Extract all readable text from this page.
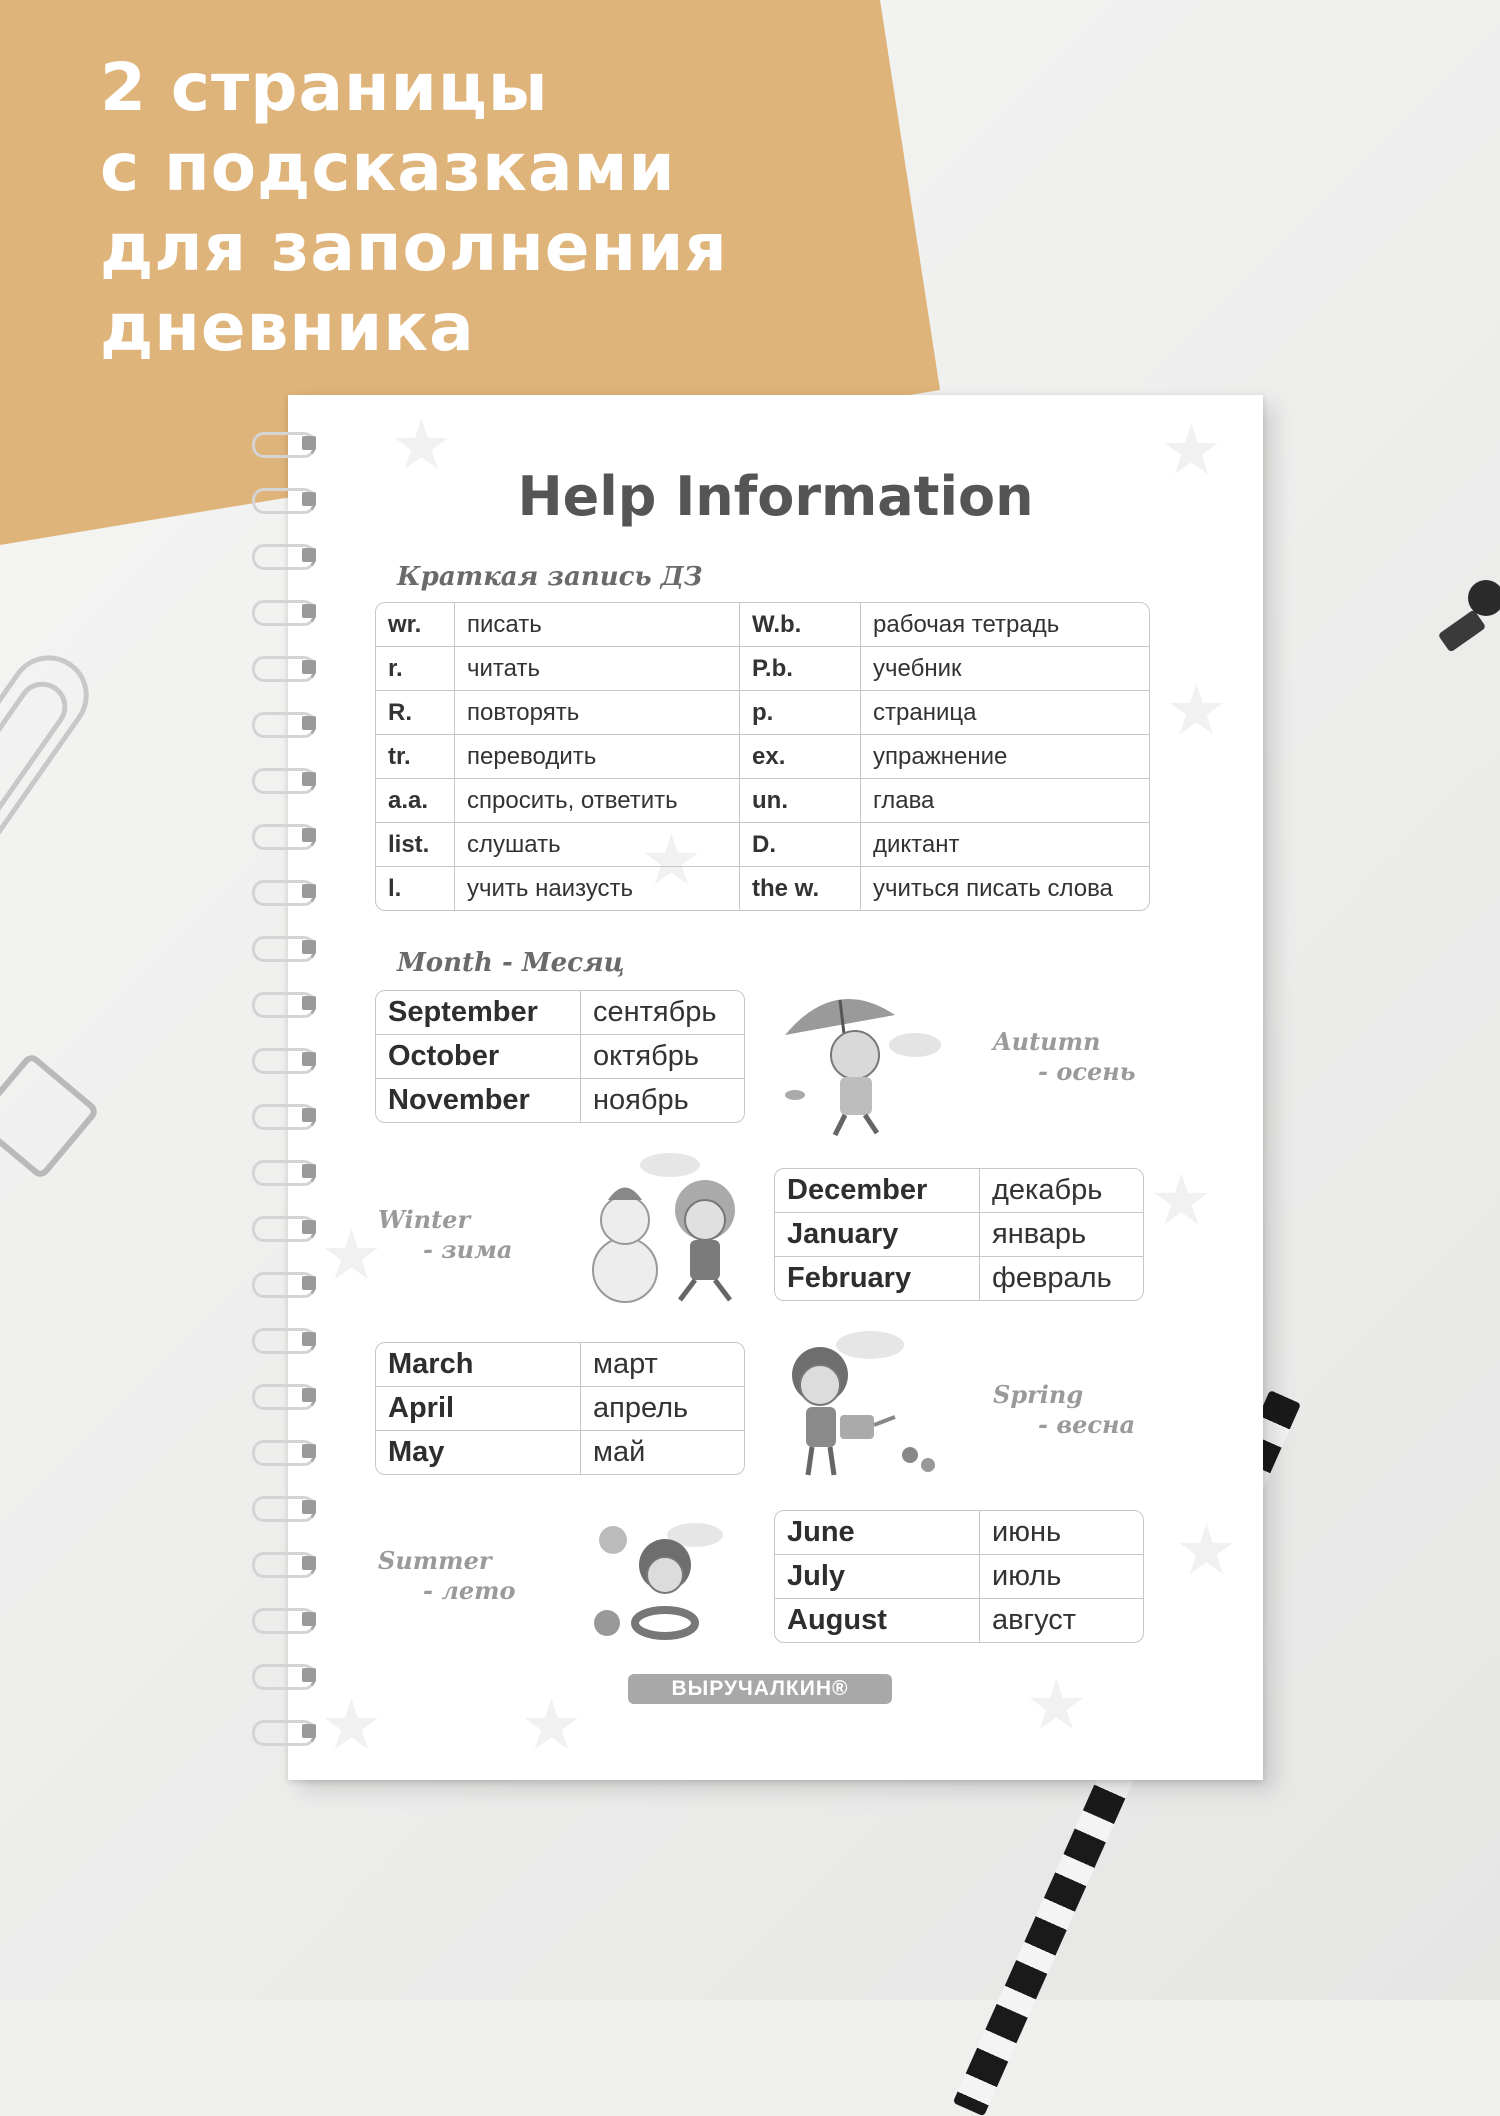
2 страницы
с подсказками
для заполнения
дневника
★	★
★
★
★
★
★
★ ★	★
Help Information
Краткая запись ДЗ
wr.	писать	W.b.	рабочая тетрадь
r.	читать	P.b.	учебник
R.	повторять	p.	страница
tr.	переводить	ex.	упражнение
a.a.	спросить, ответить	un.	глава
list.	слушать	D.	диктант
l.	учить наизусть	the w.	учиться писать слова
Month - Месяц
September	сентябрь
October	октябрь
November	ноябрь
Autumn
- осень
Winter
- зима
December	декабрь
January	январь
February	февраль
March	март
April	апрель
May	май
Spring
- весна
Summer
- лето
June	июнь
July	июль
August	август
ВЫРУЧАЛКИН®
